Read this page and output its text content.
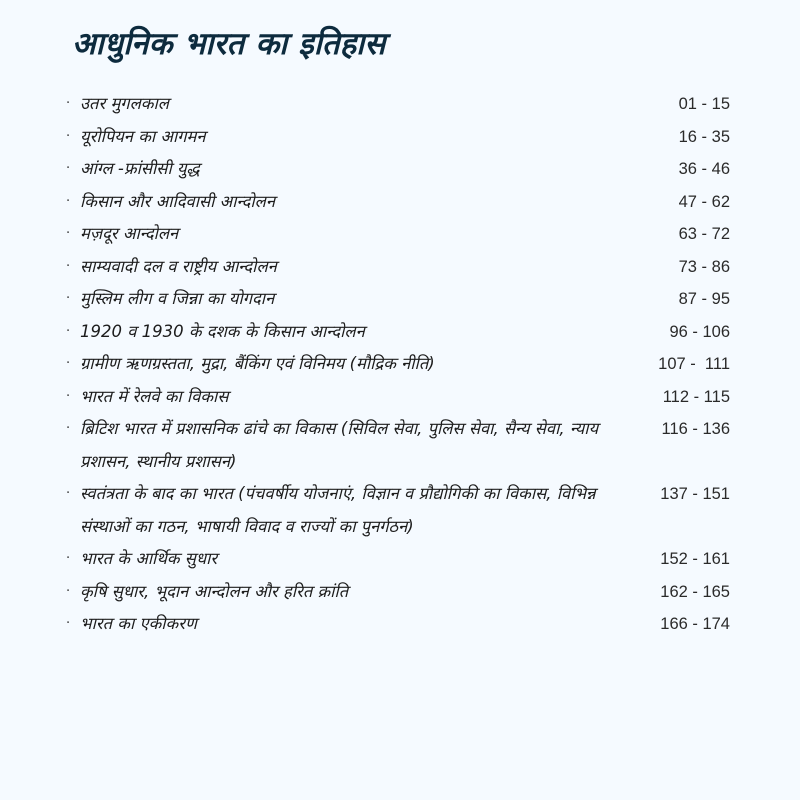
आधुनिक भारत का इतिहास
· उतर मुगलकाल	01 - 15
· यूरोपियन का आगमन	16 - 35
· आंग्ल -फ्रांसीसी युद्ध	36 - 46
· किसान और आदिवासी आन्दोलन	47 - 62
· मज़दूर आन्दोलन	63 - 72
· साम्यवादी दल व राष्ट्रीय आन्दोलन	73 - 86
· मुस्लिम लीग व जिन्ना का योगदान	87 - 95
· 1920 व 1930 के दशक के किसान आन्दोलन	96 - 106
· ग्रामीण ऋणग्रस्तता, मुद्रा, बैंकिंग एवं विनिमय (मौद्रिक नीति)	107 -  111
· भारत में रेलवे का विकास	112 - 115
· ब्रिटिश भारत में प्रशासनिक ढांचे का विकास (सिविल सेवा, पुलिस सेवा, सैन्य सेवा, न्याय प्रशासन, स्थानीय प्रशासन)
116 - 136
· स्वतंत्रता के बाद का भारत (पंचवर्षीय योजनाएं, विज्ञान व प्रौद्योगिकी का विकास, विभिन्न संस्थाओं का गठन, भाषायी विवाद व राज्यों का पुनर्गठन)
137 - 151
· भारत के आर्थिक सुधार	152 - 161
· कृषि सुधार, भूदान आन्दोलन और हरित क्रांति	162 - 165
· भारत का एकीकरण	166 - 174
